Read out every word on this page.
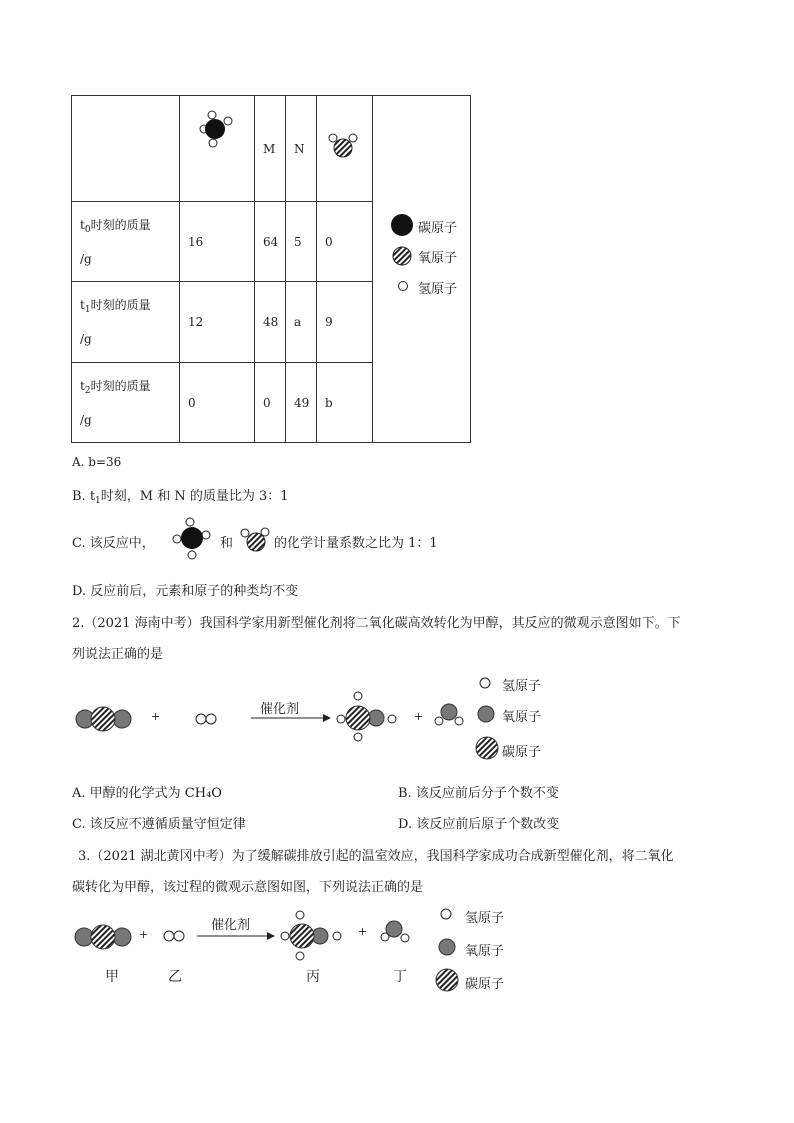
		M	N		碳原子
氧原子
氢原子

$t_0$时刻的质量
/g	16	64	5	0	
$t_1$时刻的质量
/g	12	48	a	9	
$t_2$时刻的质量
/g	0	0	49	b	
A. b=36
B. $t_1$时刻，M 和 N 的质量比为 3：1
C. 该反应中，	和	的化学计量系数之比为 1：1
D. 反应前后，元素和原子的种类均不变
2.（2021 海南中考）我国科学家用新型催化剂将二氧化碳高效转化为甲醇，其反应的微观示意图如下。下
列说法正确的是
+	催化剂	+
氢原子
氧原子
碳原子
A. 甲醇的化学式为 CH₄O	B. 该反应前后分子个数不变
C. 该反应不遵循质量守恒定律	D. 该反应前后原子个数改变
3.（2021 湖北黄冈中考）为了缓解碳排放引起的温室效应，我国科学家成功合成新型催化剂，将二氧化
碳转化为甲醇，该过程的微观示意图如图，下列说法正确的是
+
催化剂	+
氢原子
氧原子
碳原子
甲	乙	丙	丁
